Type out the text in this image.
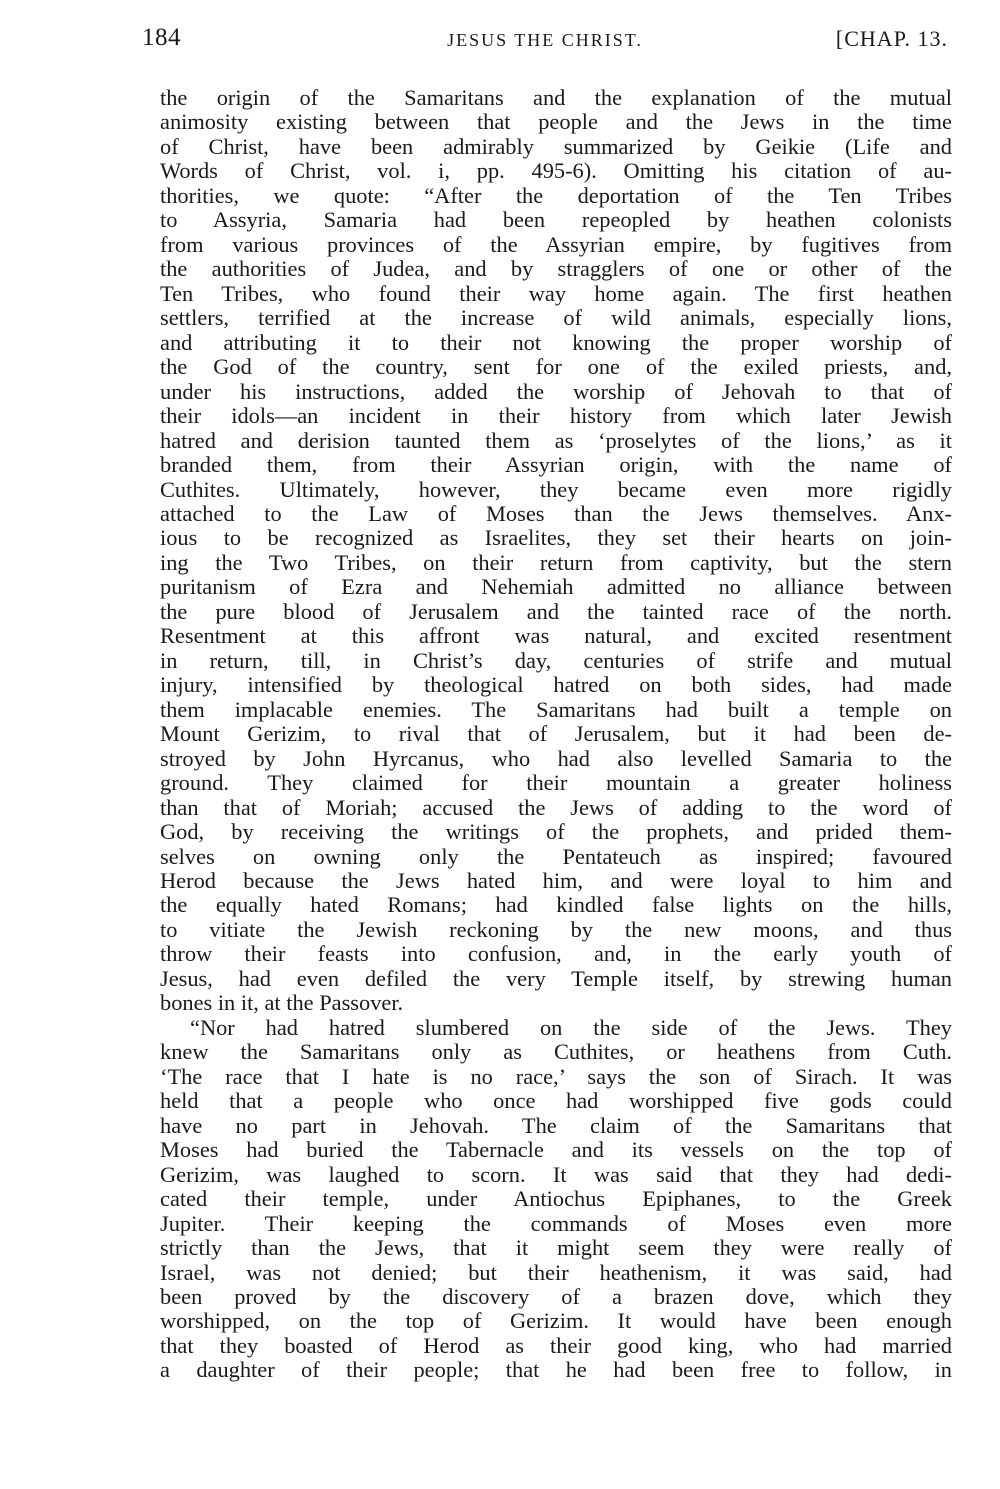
184	JESUS THE CHRIST.	[CHAP. 13.
the origin of the Samaritans and the explanation of the mutual
animosity existing between that people and the Jews in the time
of Christ, have been admirably summarized by Geikie (Life and
Words of Christ, vol. i, pp. 495-6). Omitting his citation of au-
thorities, we quote: “After the deportation of the Ten Tribes
to Assyria, Samaria had been repeopled by heathen colonists
from various provinces of the Assyrian empire, by fugitives from
the authorities of Judea, and by stragglers of one or other of the
Ten Tribes, who found their way home again. The first heathen
settlers, terrified at the increase of wild animals, especially lions,
and attributing it to their not knowing the proper worship of
the God of the country, sent for one of the exiled priests, and,
under his instructions, added the worship of Jehovah to that of
their idols—an incident in their history from which later Jewish
hatred and derision taunted them as ‘proselytes of the lions,’ as it
branded them, from their Assyrian origin, with the name of
Cuthites. Ultimately, however, they became even more rigidly
attached to the Law of Moses than the Jews themselves. Anx-
ious to be recognized as Israelites, they set their hearts on join-
ing the Two Tribes, on their return from captivity, but the stern
puritanism of Ezra and Nehemiah admitted no alliance between
the pure blood of Jerusalem and the tainted race of the north.
Resentment at this affront was natural, and excited resentment
in return, till, in Christ’s day, centuries of strife and mutual
injury, intensified by theological hatred on both sides, had made
them implacable enemies. The Samaritans had built a temple on
Mount Gerizim, to rival that of Jerusalem, but it had been de-
stroyed by John Hyrcanus, who had also levelled Samaria to the
ground. They claimed for their mountain a greater holiness
than that of Moriah; accused the Jews of adding to the word of
God, by receiving the writings of the prophets, and prided them-
selves on owning only the Pentateuch as inspired; favoured
Herod because the Jews hated him, and were loyal to him and
the equally hated Romans; had kindled false lights on the hills,
to vitiate the Jewish reckoning by the new moons, and thus
throw their feasts into confusion, and, in the early youth of
Jesus, had even defiled the very Temple itself, by strewing human
bones in it, at the Passover.
“Nor had hatred slumbered on the side of the Jews. They
knew the Samaritans only as Cuthites, or heathens from Cuth.
‘The race that I hate is no race,’ says the son of Sirach. It was
held that a people who once had worshipped five gods could
have no part in Jehovah. The claim of the Samaritans that
Moses had buried the Tabernacle and its vessels on the top of
Gerizim, was laughed to scorn. It was said that they had dedi-
cated their temple, under Antiochus Epiphanes, to the Greek
Jupiter. Their keeping the commands of Moses even more
strictly than the Jews, that it might seem they were really of
Israel, was not denied; but their heathenism, it was said, had
been proved by the discovery of a brazen dove, which they
worshipped, on the top of Gerizim. It would have been enough
that they boasted of Herod as their good king, who had married
a daughter of their people; that he had been free to follow, in
